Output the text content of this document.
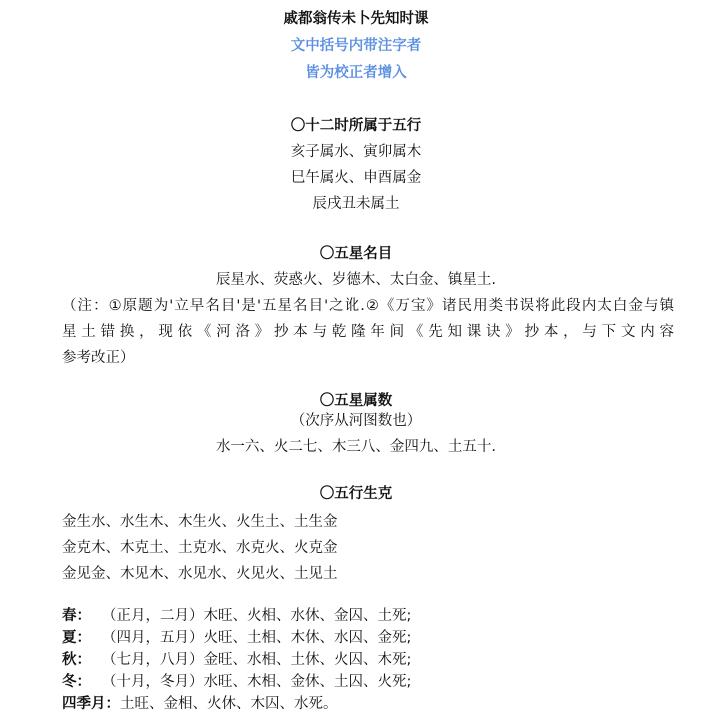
戚都翁传未卜先知时课
文中括号内带注字者
皆为校正者增入
〇十二时所属于五行
亥子属水、寅卯属木
巳午属火、申酉属金
辰戌丑未属土
〇五星名目
辰星水、荧惑火、岁德木、太白金、镇星土.
（注：①原题为'立早名目'是'五星名目'之讹.②《万宝》诸民用类书误将此段内太白金与镇
星土错换，现依《河洛》抄本与乾隆年间《先知课诀》抄本，与下文内容
参考改正）
〇五星属数
（次序从河图数也）
水一六、火二七、木三八、金四九、土五十.
〇五行生克
金生水、水生木、木生火、火生土、土生金
金克木、木克土、土克水、水克火、火克金
金见金、木见木、水见水、火见火、土见土
春： （正月，二月）木旺、火相、水休、金囚、土死;
夏： （四月，五月）火旺、土相、木休、水囚、金死;
秋： （七月，八月）金旺、水相、土休、火囚、木死;
冬： （十月，冬月）水旺、木相、金休、土囚、火死;
四季月：土旺、金相、火休、木囚、水死。
